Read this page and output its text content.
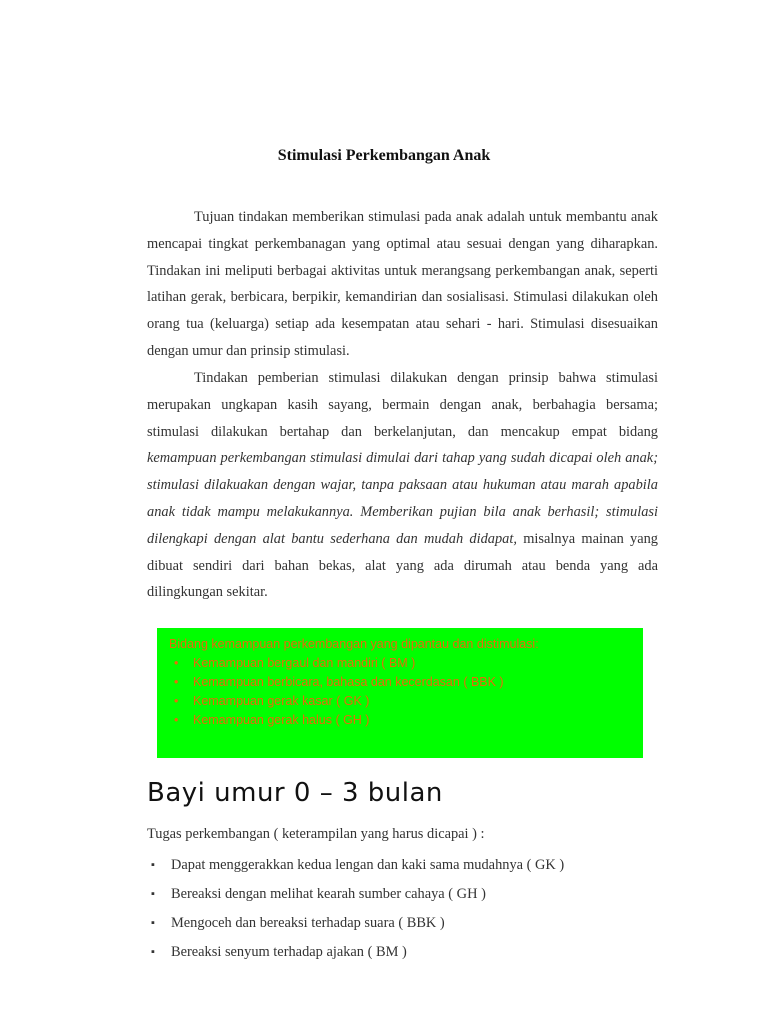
Stimulasi Perkembangan Anak

Tujuan tindakan memberikan stimulasi pada anak adalah untuk membantu anak mencapai tingkat perkembanagan yang optimal atau sesuai dengan yang diharapkan. Tindakan ini meliputi berbagai aktivitas untuk merangsang perkembangan anak, seperti latihan gerak, berbicara, berpikir, kemandirian dan sosialisasi. Stimulasi dilakukan oleh orang tua (keluarga) setiap ada kesempatan atau sehari - hari. Stimulasi disesuaikan dengan umur dan prinsip stimulasi.

Tindakan pemberian stimulasi dilakukan dengan prinsip bahwa stimulasi merupakan ungkapan kasih sayang, bermain dengan anak, berbahagia bersama; stimulasi dilakukan bertahap dan berkelanjutan, dan mencakup empat bidang kemampuan perkembangan stimulasi dimulai dari tahap yang sudah dicapai oleh anak; stimulasi dilakuakan dengan wajar, tanpa paksaan atau hukuman atau marah apabila anak tidak mampu melakukannya. Memberikan pujian bila anak berhasil; stimulasi dilengkapi dengan alat bantu sederhana dan mudah didapat, misalnya mainan yang dibuat sendiri dari bahan bekas, alat yang ada dirumah atau benda yang ada dilingkungan sekitar.

Bidang kemampuan perkembangan yang dipantau dan distimulasi:
• Kemampuan bergaul dan mandiri ( BM )
• Kemampuan berbicara, bahasa dan kecerdasan ( BBK )
• Kemampuan gerak kasar ( GK )
• Kemampuan gerak halus ( GH )
Bayi umur 0 – 3 bulan
Tugas perkembangan ( keterampilan yang harus dicapai ) :
▪ Dapat menggerakkan kedua lengan dan kaki sama mudahnya ( GK )
▪ Bereaksi dengan melihat kearah sumber cahaya ( GH )
▪ Mengoceh dan bereaksi terhadap suara ( BBK )
▪ Bereaksi senyum terhadap ajakan ( BM )
